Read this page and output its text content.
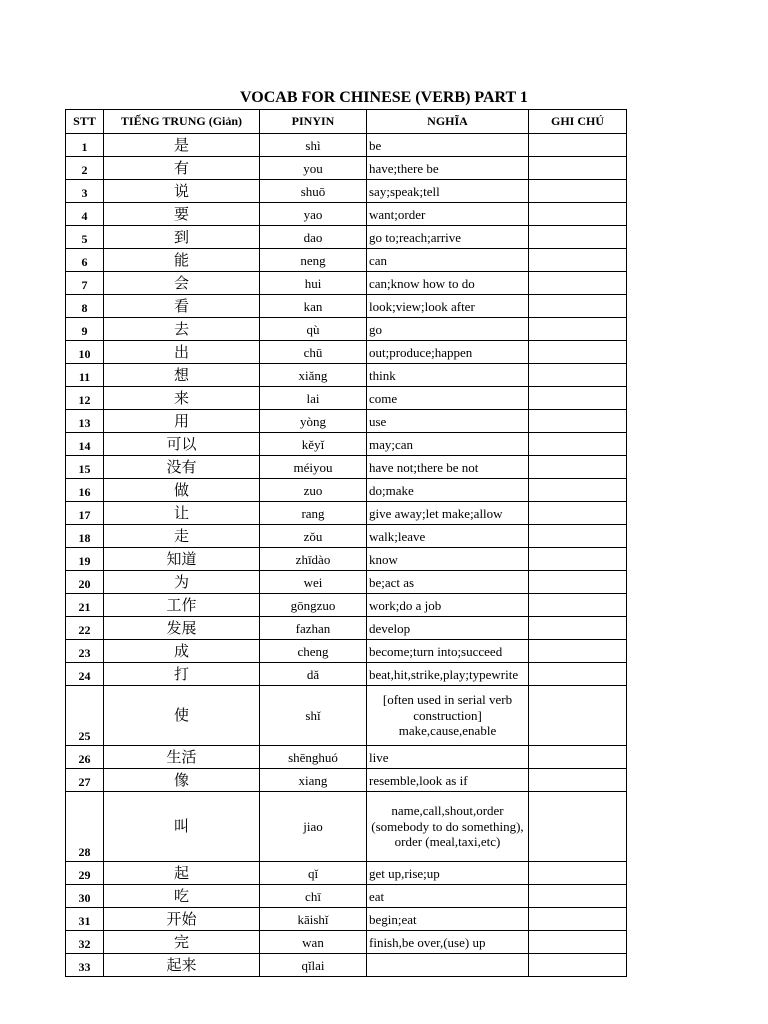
VOCAB FOR CHINESE (VERB) PART 1
STT	TIẾNG TRUNG (Giản)	PINYIN	NGHĨA	GHI CHÚ
1	是	shì	be	
2	有	you	have;there be	
3	说	shuō	say;speak;tell	
4	要	yao	want;order	
5	到	dao	go to;reach;arrive	
6	能	neng	can	
7	会	hui	can;know how to do	
8	看	kan	look;view;look after	
9	去	qù	go	
10	出	chū	out;produce;happen	
11	想	xiǎng	think	
12	来	lai	come	
13	用	yòng	use	
14	可以	kěyǐ	may;can	
15	没有	méiyou	have not;there be not	
16	做	zuo	do;make	
17	让	rang	give away;let make;allow	
18	走	zǒu	walk;leave	
19	知道	zhīdào	know	
20	为	wei	be;act as	
21	工作	gōngzuo	work;do a job	
22	发展	fazhan	develop	
23	成	cheng	become;turn into;succeed	
24	打	dǎ	beat,hit,strike,play;typewrite	
25	使	shǐ	[often used in serial verb construction] make,cause,enable	
26	生活	shēnghuó	live	
27	像	xiang	resemble,look as if	
28	叫	jiao	name,call,shout,order (somebody to do something), order (meal,taxi,etc)	
29	起	qǐ	get up,rise;up	
30	吃	chī	eat	
31	开始	kāishǐ	begin;eat	
32	完	wan	finish,be over,(use) up	
33	起来	qǐlai		
